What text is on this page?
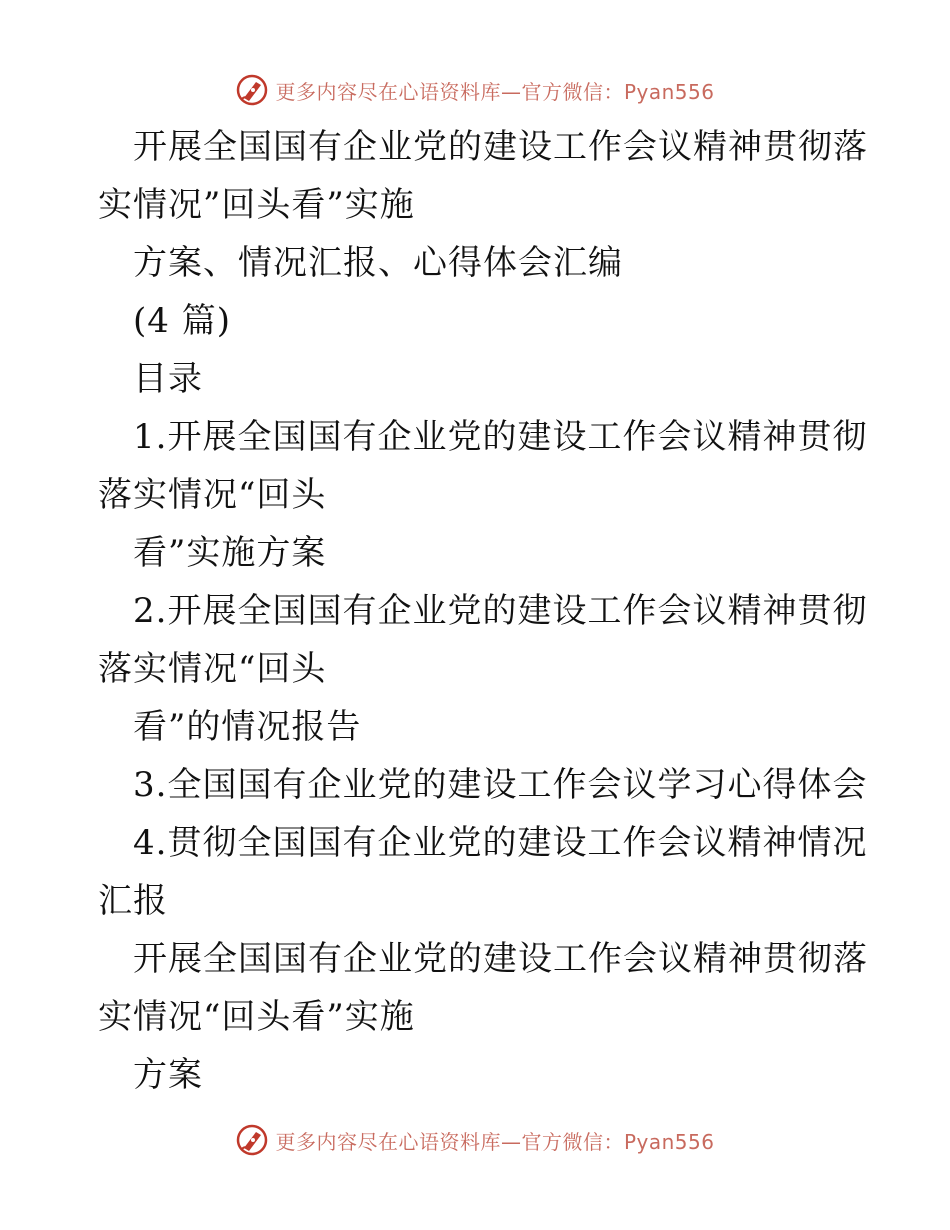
更多内容尽在心语资料库—官方微信：Pyan556
开展全国国有企业党的建设工作会议精神贯彻落
实情况”回头看”实施
方案、情况汇报、心得体会汇编
(4 篇)
目录
1.开展全国国有企业党的建设工作会议精神贯彻
落实情况“回头
看”实施方案
2.开展全国国有企业党的建设工作会议精神贯彻
落实情况“回头
看”的情况报告
3.全国国有企业党的建设工作会议学习心得体会
4.贯彻全国国有企业党的建设工作会议精神情况
汇报
开展全国国有企业党的建设工作会议精神贯彻落
实情况“回头看”实施
方案
更多内容尽在心语资料库—官方微信：Pyan556
